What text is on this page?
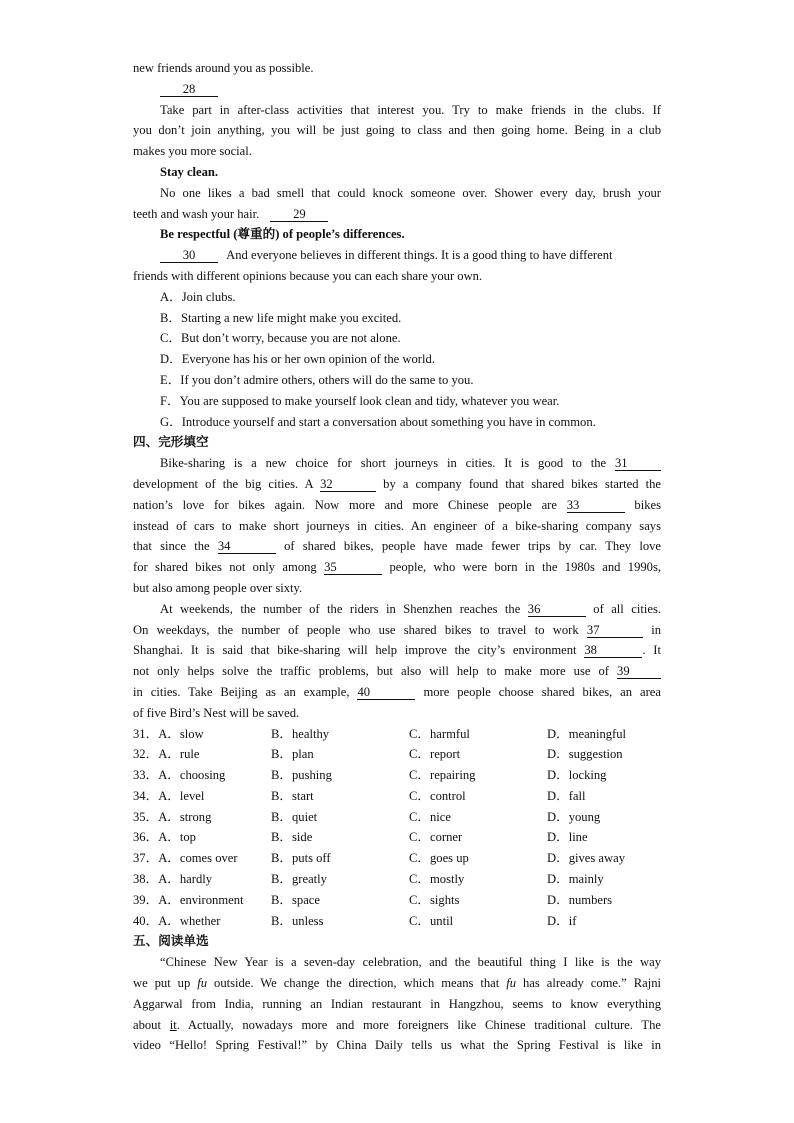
new friends around you as possible.
28
Take part in after-class activities that interest you. Try to make friends in the clubs. If
you don’t join anything, you will be just going to class and then going home. Being in a club
makes you more social.
Stay clean.
No one likes a bad smell that could knock someone over. Shower every day, brush your
teeth and wash your hair.	29
Be respectful (尊重的) of people’s differences.
30 And everyone believes in different things. It is a good thing to have different
friends with different opinions because you can each share your own.
A．Join clubs.
B．Starting a new life might make you excited.
C．But don’t worry, because you are not alone.
D．Everyone has his or her own opinion of the world.
E．If you don’t admire others, others will do the same to you.
F．You are supposed to make yourself look clean and tidy, whatever you wear.
G．Introduce yourself and start a conversation about something you have in common.
四、完形填空
Bike-sharing is a new choice for short journeys in cities. It is good to the 31
development of the big cities. A 32	by a company found that shared bikes started the
nation’s love for bikes again. Now more and more Chinese people are 33	bikes
instead of cars to make short journeys in cities. An engineer of a bike-sharing company says
that since the 34	of shared bikes, people have made fewer trips by car. They love
for shared bikes not only among 35	people, who were born in the 1980s and 1990s,
but also among people over sixty.
At weekends, the number of the riders in Shenzhen reaches the 36	of all cities.
On weekdays, the number of people who use shared bikes to travel to work 37	in
Shanghai. It is said that bike-sharing will help improve the city’s environment 38	. It
not only helps solve the traffic problems, but also will help to make more use of 39
in cities. Take Beijing as an example, 40	more people choose shared bikes, an area
of five Bird’s Nest will be saved.
31．A．slow	B．healthy	C．harmful	D．meaningful
32．A．rule	B．plan	C．report	D．suggestion
33．A．choosing	B．pushing	C．repairing	D．locking
34．A．level	B．start	C．control	D．fall
35．A．strong	B．quiet	C．nice	D．young
36．A．top	B．side	C．corner	D．line
37．A．comes over	B．puts off	C．goes up	D．gives away
38．A．hardly	B．greatly	C．mostly	D．mainly
39．A．environment B．space	C．sights	D．numbers
40．A．whether	B．unless	C．until	D．if
五、阅读单选
“Chinese New Year is a seven-day celebration, and the beautiful thing I like is the way
we put up fu outside. We change the direction, which means that fu has already come.” Rajni
Aggarwal from India, running an Indian restaurant in Hangzhou, seems to know everything
about it. Actually, nowadays more and more foreigners like Chinese traditional culture. The
video “Hello! Spring Festival!” by China Daily tells us what the Spring Festival is like in
